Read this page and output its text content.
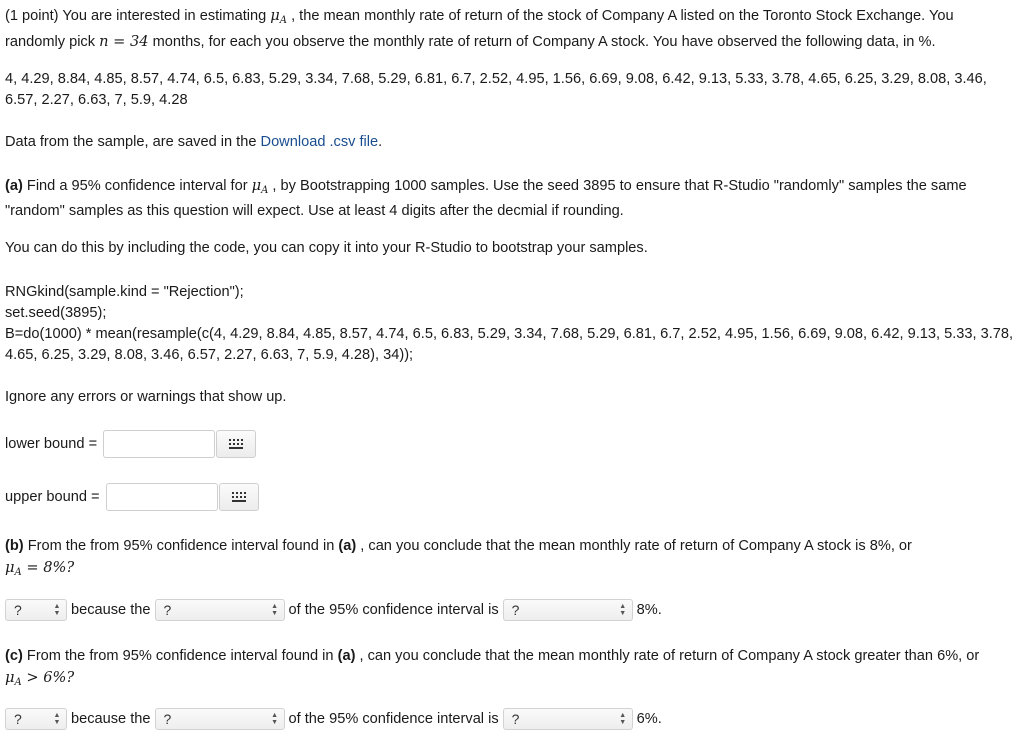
(1 point) You are interested in estimating $\mu_A$ , the mean monthly rate of return of the stock of Company A listed on the Toronto Stock Exchange. You randomly pick n = 34 months, for each you observe the monthly rate of return of Company A stock. You have observed the following data, in %.

4, 4.29, 8.84, 4.85, 8.57, 4.74, 6.5, 6.83, 5.29, 3.34, 7.68, 5.29, 6.81, 6.7, 2.52, 4.95, 1.56, 6.69, 9.08, 6.42, 9.13, 5.33, 3.78, 4.65, 6.25, 3.29, 8.08, 3.46, 6.57, 2.27, 6.63, 7, 5.9, 4.28

Data from the sample, are saved in the Download .csv file.

(a) Find a 95% confidence interval for $\mu_A$ , by Bootstrapping 1000 samples. Use the seed 3895 to ensure that R-Studio "randomly" samples the same "random" samples as this question will expect. Use at least 4 digits after the decmial if rounding.

You can do this by including the code, you can copy it into your R-Studio to bootstrap your samples.

RNGkind(sample.kind = "Rejection");

set.seed(3895);

B=do(1000) * mean(resample(c(4, 4.29, 8.84, 4.85, 8.57, 4.74, 6.5, 6.83, 5.29, 3.34, 7.68, 5.29, 6.81, 6.7, 2.52, 4.95, 1.56, 6.69, 9.08, 6.42, 9.13, 5.33, 3.78, 4.65, 6.25, 3.29, 8.08, 3.46, 6.57, 2.27, 6.63, 7, 5.9, 4.28), 34));

Ignore any errors or warnings that show up.

lower bound =
upper bound =

(b) From the from 95% confidence interval found in (a) , can you conclude that the mean monthly rate of return of Company A stock is 8%, or
$\mu_A = 8\%$?

?	▲
▼ because the ?	▲
▼ of the 95% confidence interval is ?	▲
▼ 8%.

(c) From the from 95% confidence interval found in (a) , can you conclude that the mean monthly rate of return of Company A stock greater than 6%, or
$\mu_A > 6\%$?

?	▲
▼ because the ?	▲
▼ of the 95% confidence interval is ?	▲
▼ 6%.
